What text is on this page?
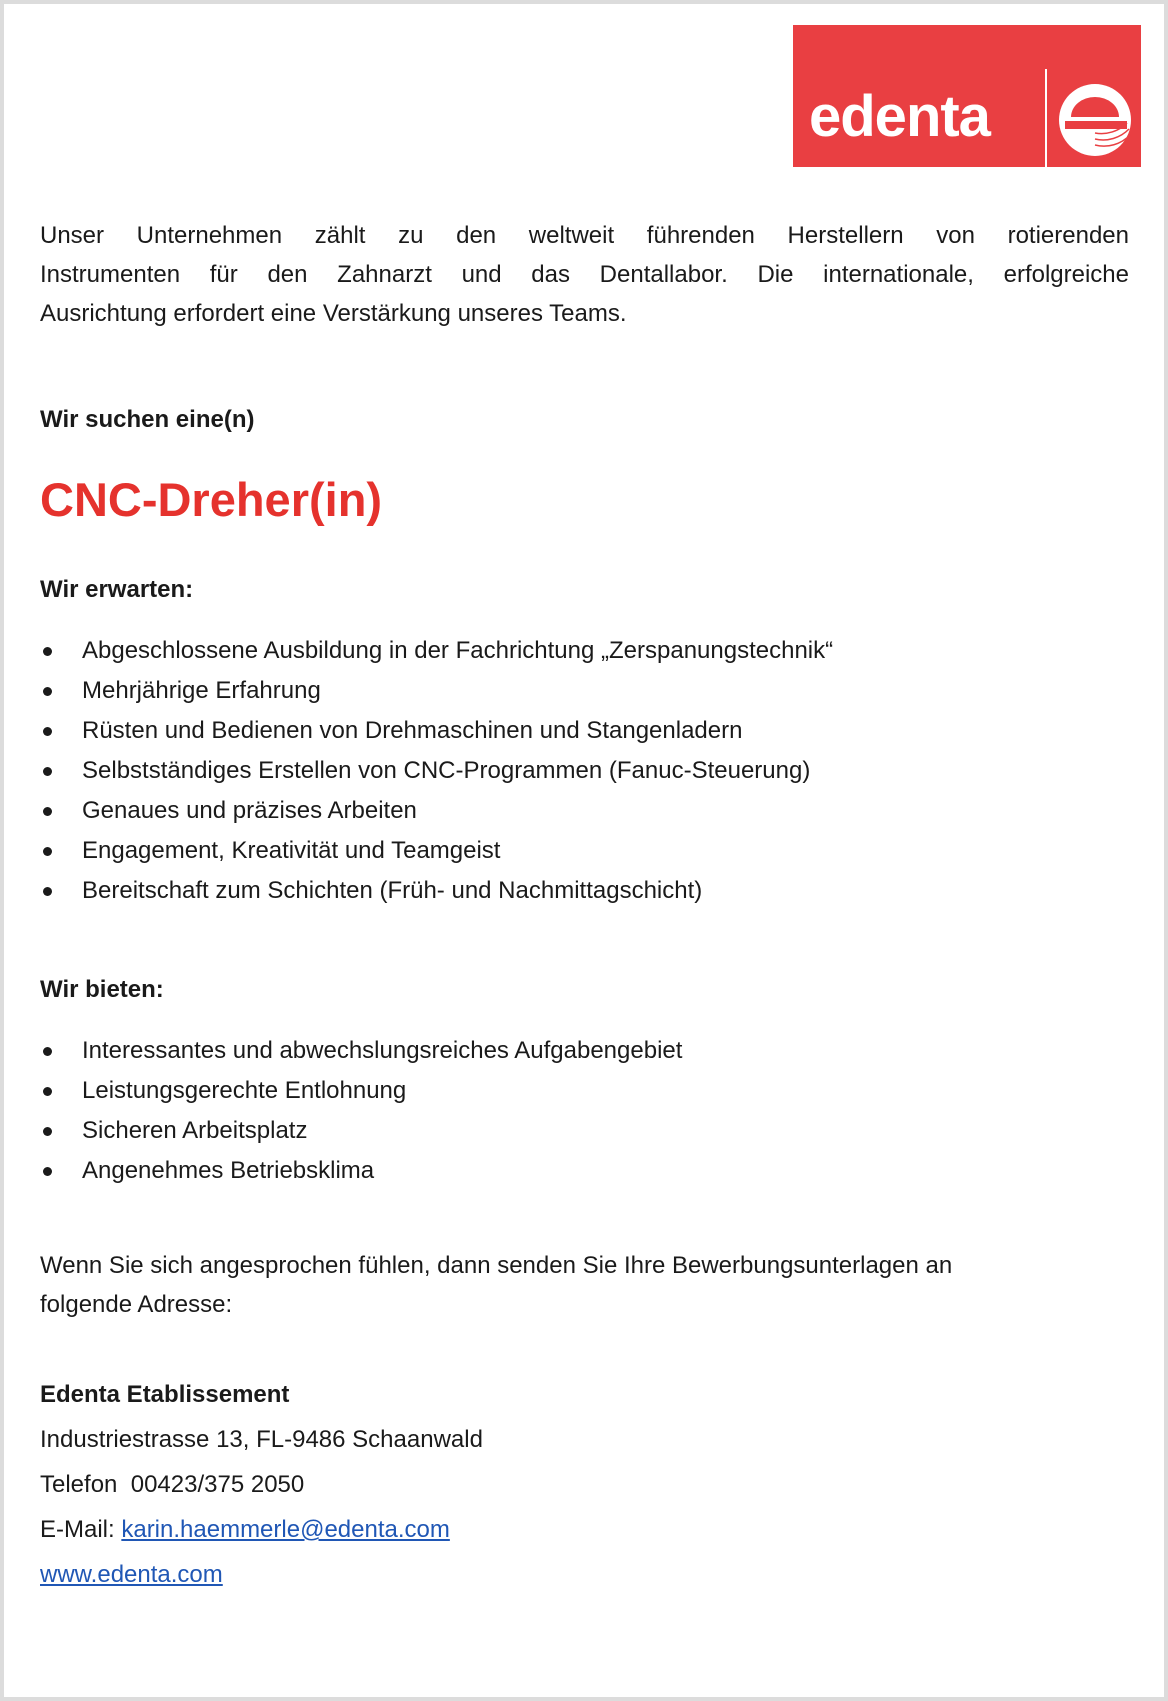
edenta
Unser Unternehmen zählt zu den weltweit führenden Herstellern von rotierenden
Instrumenten für den Zahnarzt und das Dentallabor. Die internationale, erfolgreiche
Ausrichtung erfordert eine Verstärkung unseres Teams.
Wir suchen eine(n)
CNC-Dreher(in)
Wir erwarten:
Abgeschlossene Ausbildung in der Fachrichtung „Zerspanungstechnik“
Mehrjährige Erfahrung
Rüsten und Bedienen von Drehmaschinen und Stangenladern
Selbstständiges Erstellen von CNC-Programmen (Fanuc-Steuerung)
Genaues und präzises Arbeiten
Engagement, Kreativität und Teamgeist
Bereitschaft zum Schichten (Früh- und Nachmittagschicht)
Wir bieten:
Interessantes und abwechslungsreiches Aufgabengebiet
Leistungsgerechte Entlohnung
Sicheren Arbeitsplatz
Angenehmes Betriebsklima
Wenn Sie sich angesprochen fühlen, dann senden Sie Ihre Bewerbungsunterlagen an
folgende Adresse:
Edenta Etablissement
Industriestrasse 13, FL-9486 Schaanwald
Telefon  00423/375 2050
E-Mail: karin.haemmerle@edenta.com
www.edenta.com
